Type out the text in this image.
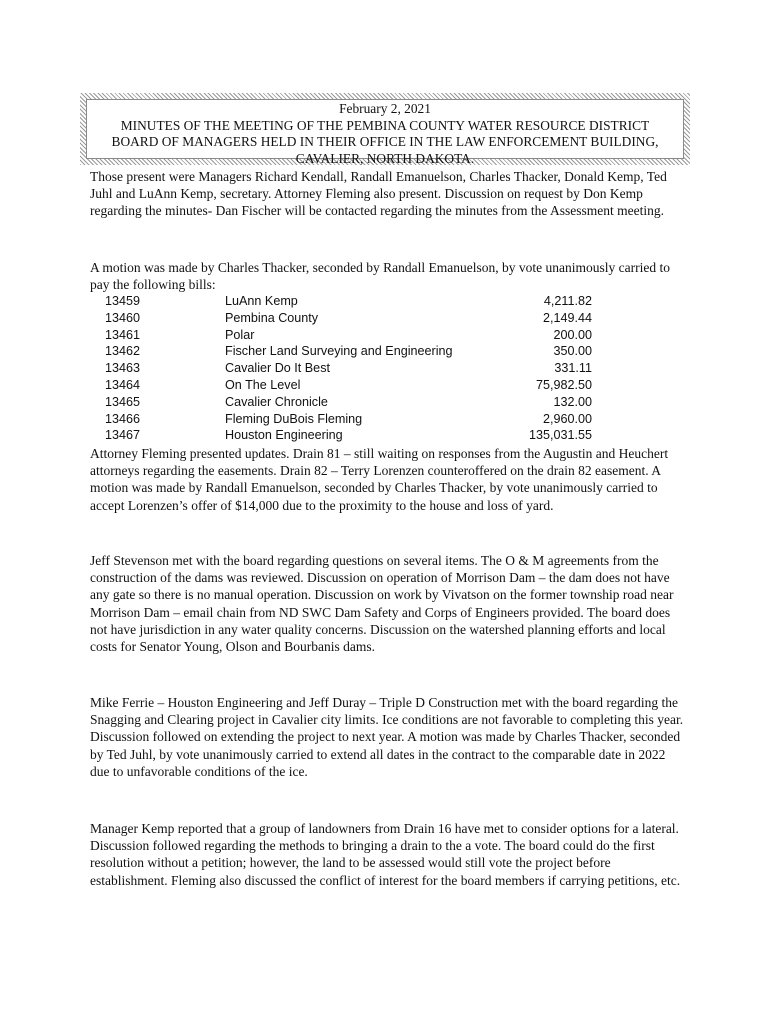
February 2, 2021
MINUTES OF THE MEETING OF THE PEMBINA COUNTY WATER RESOURCE DISTRICT
BOARD OF MANAGERS HELD IN THEIR OFFICE IN THE LAW ENFORCEMENT BUILDING,
CAVALIER, NORTH DAKOTA.

Those present were Managers Richard Kendall, Randall Emanuelson, Charles Thacker, Donald Kemp, Ted Juhl and LuAnn Kemp, secretary. Attorney Fleming also present. Discussion on request by Don Kemp regarding the minutes- Dan Fischer will be contacted regarding the minutes from the Assessment meeting.

A motion was made by Charles Thacker, seconded by Randall Emanuelson, by vote unanimously carried to pay the following bills:

13459	LuAnn Kemp	4,211.82
13460	Pembina County	2,149.44
13461	Polar	200.00
13462	Fischer Land Surveying and Engineering	350.00
13463	Cavalier Do It Best	331.11
13464	On The Level	75,982.50
13465	Cavalier Chronicle	132.00
13466	Fleming DuBois Fleming	2,960.00
13467	Houston Engineering	135,031.55

Attorney Fleming presented updates. Drain 81 – still waiting on responses from the Augustin and Heuchert attorneys regarding the easements. Drain 82 – Terry Lorenzen counteroffered on the drain 82 easement. A motion was made by Randall Emanuelson, seconded by Charles Thacker, by vote unanimously carried to accept Lorenzen’s offer of $14,000 due to the proximity to the house and loss of yard.

Jeff Stevenson met with the board regarding questions on several items. The O & M agreements from the construction of the dams was reviewed. Discussion on operation of Morrison Dam – the dam does not have any gate so there is no manual operation. Discussion on work by Vivatson on the former township road near Morrison Dam – email chain from ND SWC Dam Safety and Corps of Engineers provided. The board does not have jurisdiction in any water quality concerns. Discussion on the watershed planning efforts and local costs for Senator Young, Olson and Bourbanis dams.

Mike Ferrie – Houston Engineering and Jeff Duray – Triple D Construction met with the board regarding the Snagging and Clearing project in Cavalier city limits. Ice conditions are not favorable to completing this year. Discussion followed on extending the project to next year. A motion was made by Charles Thacker, seconded by Ted Juhl, by vote unanimously carried to extend all dates in the contract to the comparable date in 2022 due to unfavorable conditions of the ice.

Manager Kemp reported that a group of landowners from Drain 16 have met to consider options for a lateral. Discussion followed regarding the methods to bringing a drain to the a vote. The board could do the first resolution without a petition; however, the land to be assessed would still vote the project before establishment. Fleming also discussed the conflict of interest for the board members if carrying petitions, etc.
